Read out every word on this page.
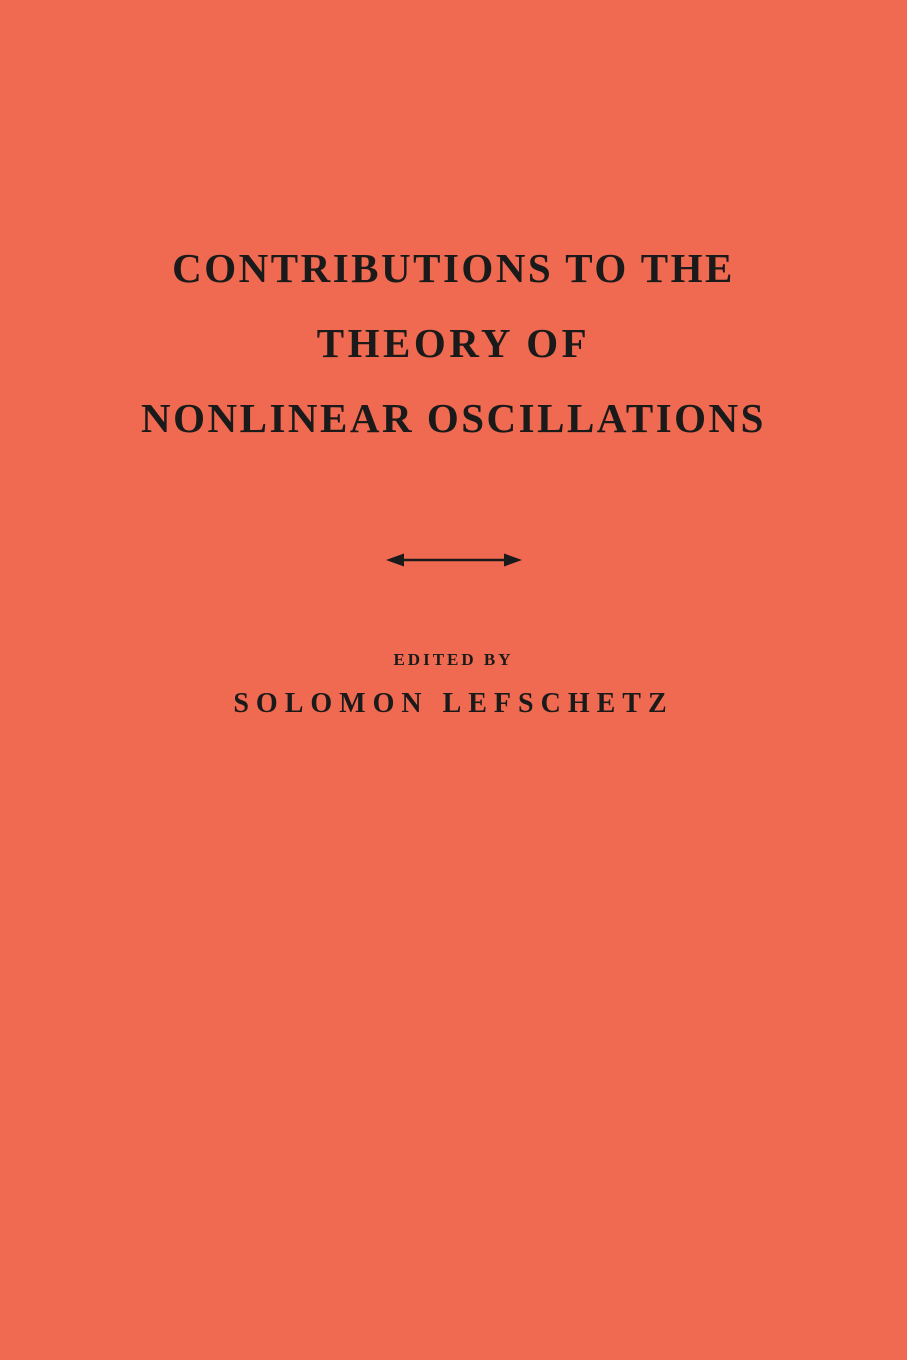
CONTRIBUTIONS TO THE
THEORY OF
NONLINEAR OSCILLATIONS
EDITED BY
SOLOMON LEFSCHETZ
